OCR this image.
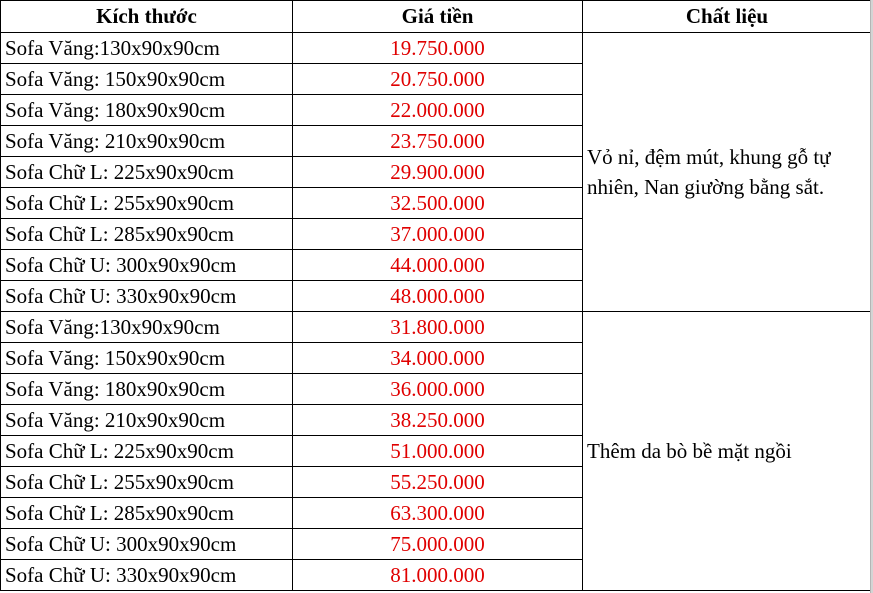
Kích thước	Giá tiền	Chất liệu
Sofa Văng:130x90x90cm	19.750.000	Vỏ nỉ, đệm mút, khung gỗ tự nhiên, Nan giường bằng sắt.
Sofa Văng: 150x90x90cm	20.750.000	
Sofa Văng: 180x90x90cm	22.000.000	
Sofa Văng: 210x90x90cm	23.750.000	
Sofa Chữ L: 225x90x90cm	29.900.000	
Sofa Chữ L: 255x90x90cm	32.500.000	
Sofa Chữ L: 285x90x90cm	37.000.000	
Sofa Chữ U: 300x90x90cm	44.000.000	
Sofa Chữ U: 330x90x90cm	48.000.000	
Sofa Văng:130x90x90cm	31.800.000	Thêm da bò bề mặt ngồi
Sofa Văng: 150x90x90cm	34.000.000	
Sofa Văng: 180x90x90cm	36.000.000	
Sofa Văng: 210x90x90cm	38.250.000	
Sofa Chữ L: 225x90x90cm	51.000.000	
Sofa Chữ L: 255x90x90cm	55.250.000	
Sofa Chữ L: 285x90x90cm	63.300.000	
Sofa Chữ U: 300x90x90cm	75.000.000	
Sofa Chữ U: 330x90x90cm	81.000.000	
